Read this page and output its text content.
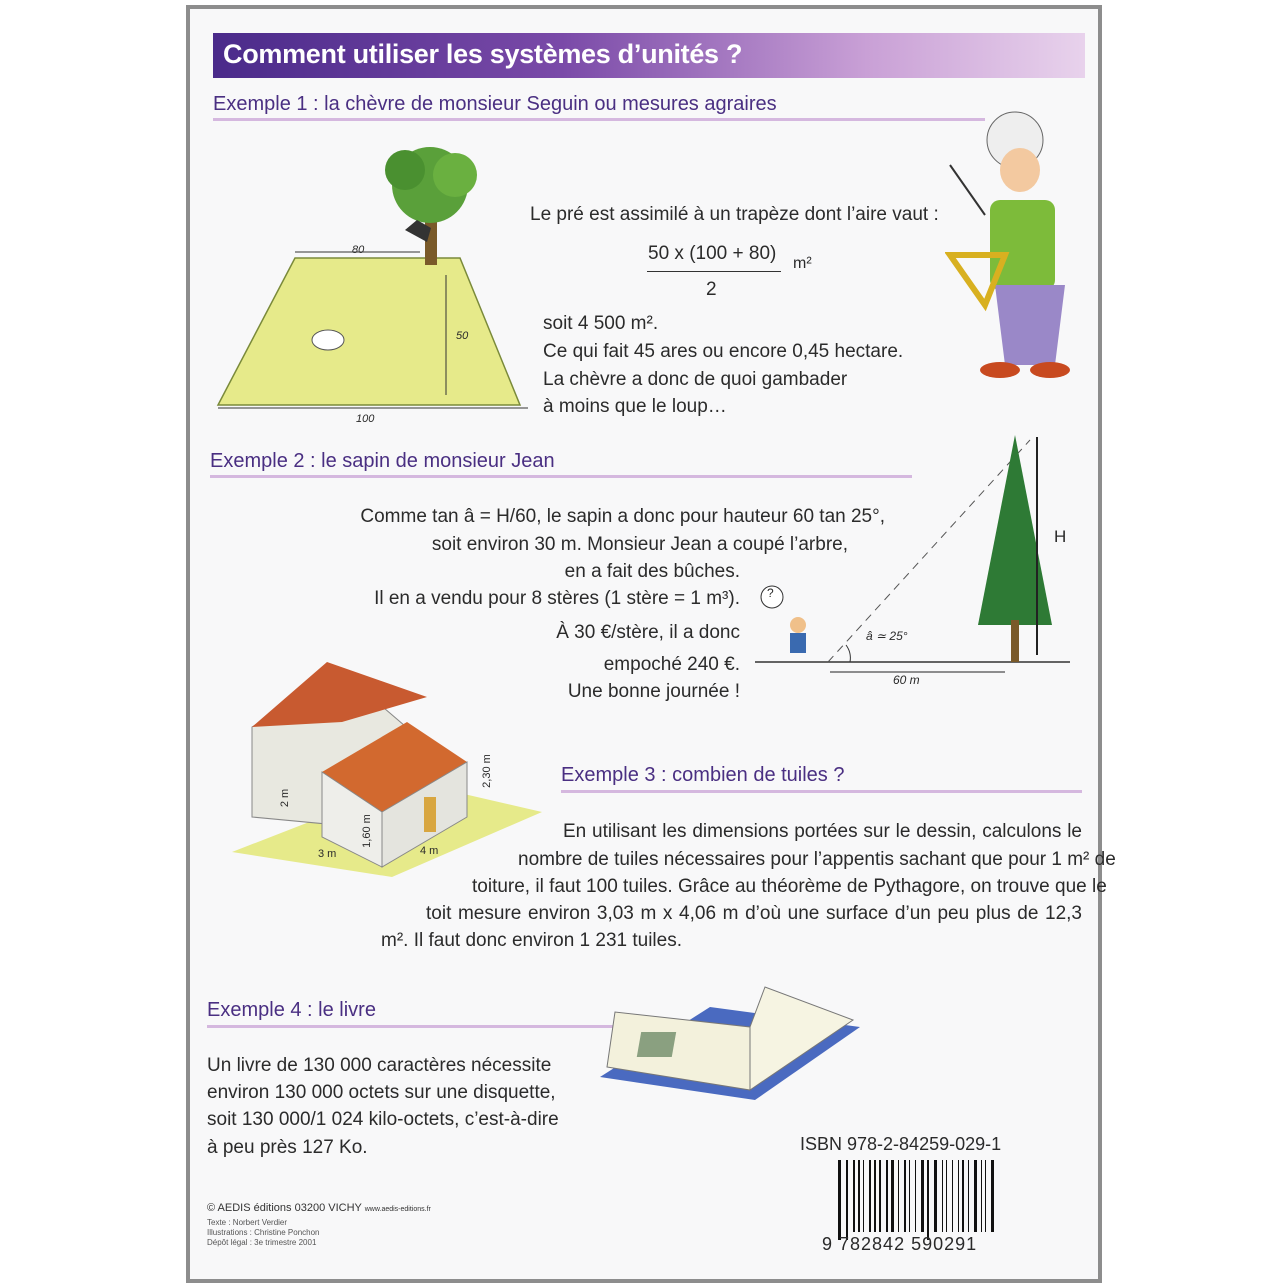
Comment utiliser les systèmes d’unités ?
Exemple 1 : la chèvre de monsieur Seguin ou mesures agraires
80
50
100
Le pré est assimilé à un trapèze dont l’aire vaut :
50 x (100 + 80) m²
2
soit 4 500 m².
Ce qui fait 45 ares ou encore 0,45 hectare.
La chèvre a donc de quoi gambader
à moins que le loup…
Exemple 2 : le sapin de monsieur Jean
Comme tan â = H/60, le sapin a donc pour hauteur 60 tan 25°,
soit environ 30 m. Monsieur Jean a coupé l’arbre,
en a fait des bûches.
Il en a vendu pour 8 stères (1 stère = 1 m³).
À 30 €/stère, il a donc
empoché 240 €.
Une bonne journée !
?
H
â ≃ 25°
60 m
2 m
2,30 m
1,60 m
3 m	4 m
Exemple 3 : combien de tuiles ?
En utilisant les dimensions portées sur le dessin, calculons le
nombre de tuiles nécessaires pour l’appentis sachant que pour 1 m² de
toiture, il faut 100 tuiles. Grâce au théorème de Pythagore, on trouve que le
toit mesure environ 3,03 m x 4,06 m d’où une surface d’un peu plus de 12,3
m². Il faut donc environ 1 231 tuiles.
Exemple 4 : le livre
Un livre de 130 000 caractères nécessite
environ 130 000 octets sur une disquette,
soit 130 000/1 024 kilo-octets, c’est-à-dire
à peu près 127 Ko.	ISBN 978-2-84259-029-1
9 782842 590291
© AEDIS éditions 03200 VICHY www.aedis-editions.fr
Texte : Norbert Verdier
Illustrations : Christine Ponchon
Dépôt légal : 3e trimestre 2001
